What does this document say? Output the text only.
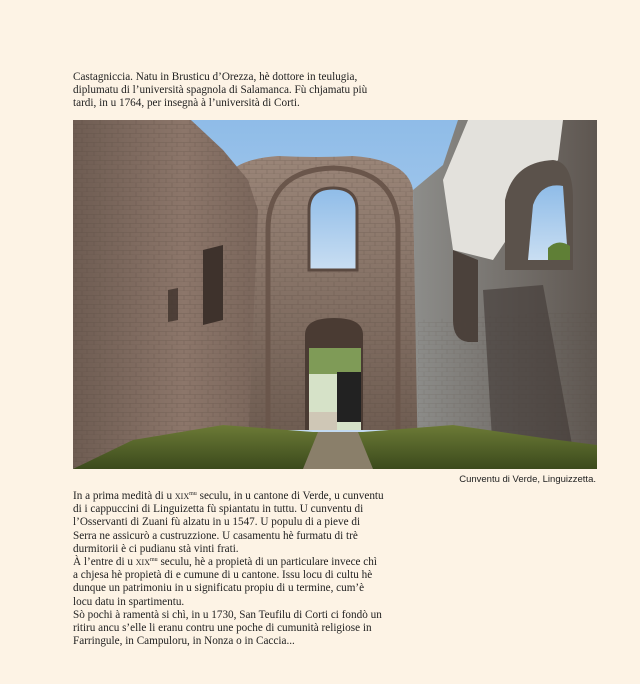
Castagniccia. Natu in Brusticu d’Orezza, hè dottore in teulugia,
diplumatu di l’università spagnola di Salamanca. Fù chjamatu più
tardi, in u 1764, per insegnà à l’università di Corti.
Cunventu di Verde, Linguizzetta.
In a prima medità di u xix$^{mu}$ seculu, in u cantone di Verde, u cunventu
di i cappuccini di Linguizetta fù spiantatu in tuttu. U cunventu di
l’Osservanti di Zuani fù alzatu in u 1547. U populu di a pieve di
Serra ne assicurò a custruzzione. U casamentu hè furmatu di trè
durmitorii è ci pudianu stà vinti frati.
À l’entre di u xix$^{mu}$ seculu, hè a propietà di un particulare invece chì
a chjesa hè propietà di e cumune di u cantone. Issu locu di cultu hè
dunque un patrimoniu in u significatu propiu di u termine, cum’è
locu datu in spartimentu.
Sò pochi à ramentà si chì, in u 1730, San Teufilu di Corti ci fondò un
ritiru ancu s’elle li eranu contru une poche di cumunità religiose in
Farringule, in Campuloru, in Nonza o in Caccia...
